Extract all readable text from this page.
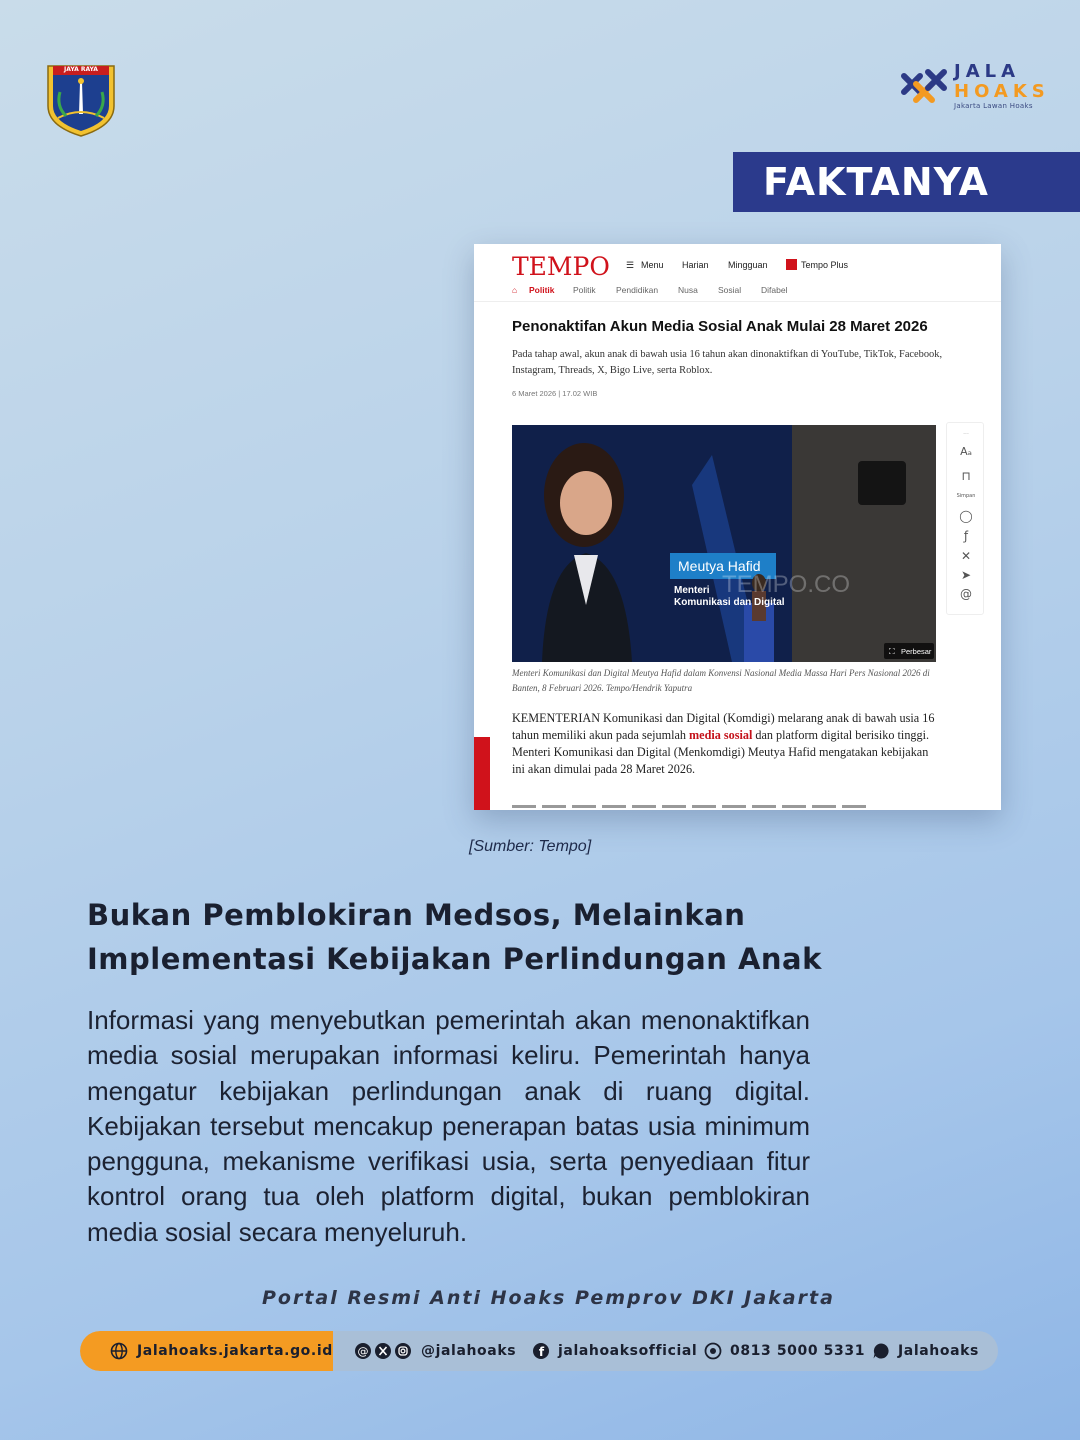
JAYA RAYA	JALA
HOAKS
Jakarta Lawan Hoaks
FAKTANYA
TEMPO ☰ Menu Harian Mingguan	Tempo Plus
⌂ Politik Politik Pendidikan Nusa Sosial Difabel
Penonaktifan Akun Media Sosial Anak Mulai 28 Maret 2026
Pada tahap awal, akun anak di bawah usia 16 tahun akan dinonaktifkan di YouTube, TikTok, Facebook, Instagram, Threads, X, Bigo Live, serta Roblox.
6 Maret 2026 | 17.02 WIB
Meutya Hafid
Menteri
Komunikasi dan Digital
TEMPO.CO
⛶ Perbesar
···
Aₐ
⊓
Simpan
◯
ƒ
✕
➤
@
Menteri Komunikasi dan Digital Meutya Hafid dalam Konvensi Nasional Media Massa Hari Pers Nasional 2026 di Banten, 8 Februari 2026. Tempo/Hendrik Yaputra
KEMENTERIAN Komunikasi dan Digital (Komdigi) melarang anak di bawah usia 16 tahun memiliki akun pada sejumlah media sosial dan platform digital berisiko tinggi. Menteri Komunikasi dan Digital (Menkomdigi) Meutya Hafid mengatakan kebijakan ini akan dimulai pada 28 Maret 2026.
[Sumber: Tempo]
Bukan Pemblokiran Medsos, Melainkan
Implementasi Kebijakan Perlindungan Anak
Informasi yang menyebutkan pemerintah akan menonaktifkan media sosial merupakan informasi keliru. Pemerintah hanya mengatur kebijakan perlindungan anak di ruang digital. Kebijakan tersebut mencakup penerapan batas usia minimum pengguna, mekanisme verifikasi usia, serta penyediaan fitur kontrol orang tua oleh platform digital, bukan pemblokiran media sosial secara menyeluruh.
Portal Resmi Anti Hoaks Pemprov DKI Jakarta
Jalahoaks.jakarta.go.id @	@jalahoaks f jalahoaksofficial 0813 5000 5331 Jalahoaks
